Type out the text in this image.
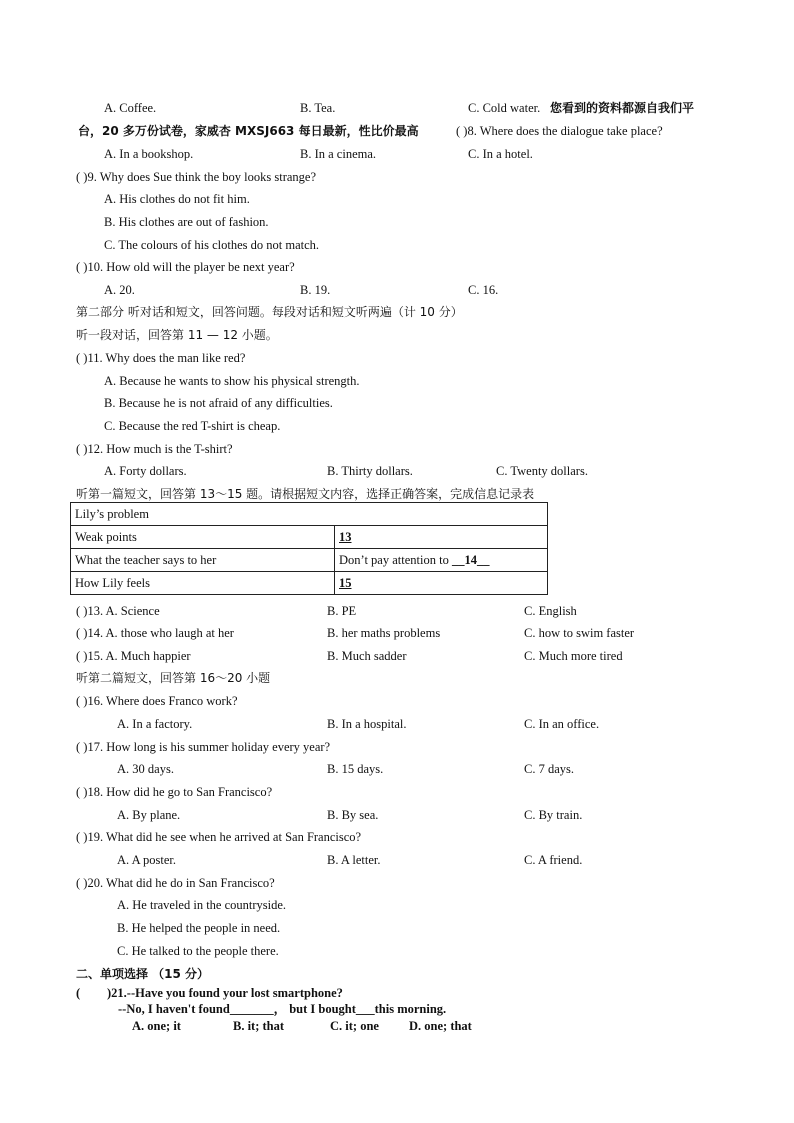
A. Coffee.	B. Tea.	C. Cold water. 您看到的资料都源自我们平
台，20 多万份试卷，家威杏 MXSJ663 每日最新，性比价最高	( )8. Where does the dialogue take place?
A. In a bookshop.	B. In a cinema.	C. In a hotel.
( )9. Why does Sue think the boy looks strange?
A. His clothes do not fit him.
B. His clothes are out of fashion.
C. The colours of his clothes do not match.
( )10. How old will the player be next year?
A. 20.	B. 19.	C. 16.
第二部分 听对话和短文，回答问题。每段对话和短文听两遍（计 10 分）
听一段对话，回答第 11 — 12 小题。
( )11. Why does the man like red?
A. Because he wants to show his physical strength.
B. Because he is not afraid of any difficulties.
C. Because the red T-shirt is cheap.
( )12. How much is the T-shirt?
A. Forty dollars.	B. Thirty dollars.	C. Twenty dollars.
听第一篇短文，回答第 13～15 题。请根据短文内容，选择正确答案，完成信息记录表
Lily’s problem	
Weak points	13
What the teacher says to her	Don’t pay attention to __14__
How Lily feels	15
( )13. A. Science	B. PE	C. English
( )14. A. those who laugh at her	B. her maths problems	C. how to swim faster
( )15. A. Much happier	B. Much sadder	C. Much more tired
听第二篇短文，回答第 16～20 小题
( )16. Where does Franco work?
A. In a factory.	B. In a hospital.	C. In an office.
( )17. How long is his summer holiday every year?
A. 30 days.	B. 15 days.	C. 7 days.
( )18. How did he go to San Francisco?
A. By plane.	B. By sea.	C. By train.
( )19. What did he see when he arrived at San Francisco?
A. A poster.	B. A letter.	C. A friend.
( )20. What did he do in San Francisco?
A. He traveled in the countryside.
B. He helped the people in need.
C. He talked to the people there.
二、单项选择 （15 分）
( )21.--Have you found your lost smartphone?
--No, I haven't found_______， but I bought___this morning.
A. one; it	B. it; that	C. it; one D. one; that
